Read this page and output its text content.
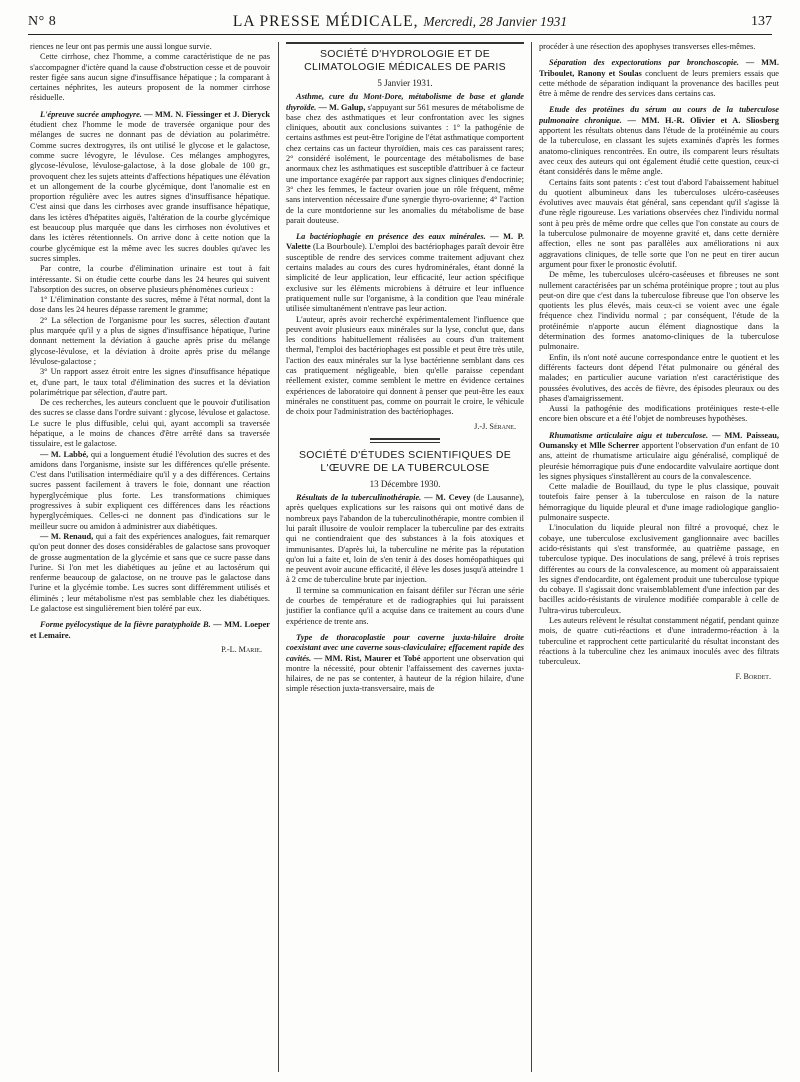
N° 8	LA PRESSE MÉDICALE, Mercredi, 28 Janvier 1931	137

riences ne leur ont pas permis une aussi longue survie.

Cette cirrhose, chez l'homme, a comme caractéristique de ne pas s'accompagner d'ictère quand la cause d'obstruction cesse et de pouvoir rester figée sans aucun signe d'insuffisance hépatique ; la comparant à certaines néphrites, les auteurs proposent de la nommer cirrhose résiduelle.

L'épreuve sucrée amphogyre. — MM. N. Fiessinger et J. Dieryck étudient chez l'homme le mode de traversée organique pour des mélanges de sucres ne donnant pas de déviation au polarimètre. Comme sucres dextrogyres, ils ont utilisé le glycose et le galactose, comme sucre lévogyre, le lévulose. Ces mélanges amphogyres, glycose-lévulose, lévulose-galactose, à la dose globale de 100 gr., provoquent chez les sujets atteints d'affections hépatiques une élévation et un allongement de la courbe glycémique, dont l'anomalie est en proportion régulière avec les autres signes d'insuffisance hépatique. C'est ainsi que dans les cirrhoses avec grande insuffisance hépatique, dans les ictères d'hépatites aiguës, l'altération de la courbe glycémique est beaucoup plus marquée que dans les cirrhoses non évolutives et dans les ictères rétentionnels. On arrive donc à cette notion que la courbe glycémique est la même avec les sucres doubles qu'avec les sucres simples.

Par contre, la courbe d'élimination urinaire est tout à fait intéressante. Si on étudie cette courbe dans les 24 heures qui suivent l'absorption des sucres, on observe plusieurs phénomènes curieux :

1° L'élimination constante des sucres, même à l'état normal, dont la dose dans les 24 heures dépasse rarement le gramme;

2° La sélection de l'organisme pour les sucres, sélection d'autant plus marquée qu'il y a plus de signes d'insuffisance hépatique, l'urine donnant nettement la déviation à gauche après prise du mélange glycose-lévulose, et la déviation à droite après prise du mélange lévulose-galactose ;

3° Un rapport assez étroit entre les signes d'insuffisance hépatique et, d'une part, le taux total d'élimination des sucres et la déviation polarimétrique par sélection, d'autre part.

De ces recherches, les auteurs concluent que le pouvoir d'utilisation des sucres se classe dans l'ordre suivant : glycose, lévulose et galactose. Le sucre le plus diffusible, celui qui, ayant accompli sa traversée hépatique, a le moins de chances d'être arrêté dans sa traversée tissulaire, est le galactose.

— M. Labbé, qui a longuement étudié l'évolution des sucres et des amidons dans l'organisme, insiste sur les différences qu'elle présente. C'est dans l'utilisation intermédiaire qu'il y a des différences. Certains sucres passent facilement à travers le foie, donnant une réaction hyperglycémique plus forte. Les transformations chimiques progressives à subir expliquent ces différences dans les réactions hyperglycémiques. Celles-ci ne donnent pas d'indications sur le meilleur sucre ou amidon à administrer aux diabétiques.

— M. Renaud, qui a fait des expériences analogues, fait remarquer qu'on peut donner des doses considérables de galactose sans provoquer de grosse augmentation de la glycémie et sans que ce sucre passe dans l'urine. Si l'on met les diabétiques au jeûne et au lactosérum qui renferme beaucoup de galactose, on ne trouve pas le galactose dans l'urine et la glycémie tombe. Les sucres sont différemment utilisés et éliminés ; leur métabolisme n'est pas semblable chez les diabétiques. Le galactose est singulièrement bien toléré par eux.

Forme pyélocystique de la fièvre paratyphoïde B. — MM. Loeper et Lemaire.

P.-L. Marie.
SOCIÉTÉ D'HYDROLOGIE ET DE CLIMATOLOGIE MÉDICALES DE PARIS
5 Janvier 1931.

Asthme, cure du Mont-Dore, métabolisme de base et glande thyroïde. — M. Galup, s'appuyant sur 561 mesures de métabolisme de base chez des asthmatiques et leur confrontation avec les signes cliniques, aboutit aux conclusions suivantes : 1° la pathogénie de certains asthmes est peut-être l'origine de l'état asthmatique comportent chez certains cas un facteur thyroïdien, mais ces cas paraissent rares; 2° considéré isolément, le pourcentage des métabolismes de base anormaux chez les asthmatiques est susceptible d'attribuer à ce facteur une importance exagérée par rapport aux signes cliniques d'endocrinie; 3° chez les femmes, le facteur ovarien joue un rôle fréquent, même sans intervention nécessaire d'une synergie thyro-ovarienne; 4° l'action de la cure montdorienne sur les anomalies du métabolisme de base parait douteuse.

La bactériophagie en présence des eaux minérales. — M. P. Valette (La Bourboule). L'emploi des bactériophages paraît devoir être susceptible de rendre des services comme traitement adjuvant chez certains malades au cours des cures hydrominérales, étant donné la simplicité de leur application, leur efficacité, leur action spécifique exclusive sur les éléments microbiens à détruire et leur influence pratiquement nulle sur l'organisme, à la condition que l'eau minérale utilisée simultanément n'entrave pas leur action.

L'auteur, après avoir recherché expérimentalement l'influence que peuvent avoir plusieurs eaux minérales sur la lyse, conclut que, dans les conditions habituellement réalisées au cours d'un traitement thermal, l'emploi des bactériophages est possible et peut être très utile, l'action des eaux minérales sur la lyse bactérienne semblant dans ces cas pratiquement négligeable, bien qu'elle paraisse cependant réellement exister, comme semblent le mettre en évidence certaines expériences de laboratoire qui donnent à penser que peut-être les eaux minérales ne constituent pas, comme on pourrait le croire, le véhicule de choix pour l'administration des bactériophages.

J.-J. Sérane.
SOCIÉTÉ D'ÉTUDES SCIENTIFIQUES DE L'ŒUVRE DE LA TUBERCULOSE
13 Décembre 1930.

Résultats de la tuberculinothérapie. — M. Cevey (de Lausanne), après quelques explications sur les raisons qui ont motivé dans de nombreux pays l'abandon de la tuberculinothérapie, montre combien il lui paraît illusoire de vouloir remplacer la tuberculine par des extraits qui ne contiendraient que des substances à la fois atoxiques et immunisantes. D'après lui, la tuberculine ne mérite pas la réputation qu'on lui a faite et, loin de s'en tenir à des doses homéopathiques qui ne peuvent avoir aucune efficacité, il élève les doses jusqu'à atteindre 1 à 2 cmc de tuberculine brute par injection.

Il termine sa communication en faisant défiler sur l'écran une série de courbes de température et de radiographies qui lui paraissent justifier la confiance qu'il a acquise dans ce traitement au cours d'une expérience de trente ans.

Type de thoracoplastie pour caverne juxta-hilaire droite coexistant avec une caverne sous-claviculaire; effacement rapide des cavités. — MM. Rist, Maurer et Tobé apportent une observation qui montre la nécessité, pour obtenir l'affaissement des cavernes juxta-hilaires, de ne pas se contenter, à hauteur de la région hilaire, d'une simple résection juxta-transversaire, mais de

procéder à une résection des apophyses transverses elles-mêmes.

Séparation des expectorations par bronchoscopie. — MM. Triboulet, Ranony et Soulas concluent de leurs premiers essais que cette méthode de séparation indiquant la provenance des bacilles peut être à même de rendre des services dans certains cas.

Etude des protéines du sérum au cours de la tuberculose pulmonaire chronique. — MM. H.-R. Olivier et A. Sliosberg apportent les résultats obtenus dans l'étude de la protéinémie au cours de la tuberculose, en classant les sujets examinés d'après les formes anatomo-cliniques rencontrées. En outre, ils comparent leurs résultats avec ceux des auteurs qui ont également étudié cette question, ceux-ci étant considérés dans le même angle.

Certains faits sont patents : c'est tout d'abord l'abaissement habituel du quotient albumineux dans les tuberculoses ulcéro-caséeuses évolutives avec mauvais état général, sans cependant qu'il s'agisse là d'une règle rigoureuse. Les variations observées chez l'individu normal sont à peu près de même ordre que celles que l'on constate au cours de la tuberculose pulmonaire de moyenne gravité et, dans cette dernière affection, elles ne sont pas parallèles aux améliorations ni aux aggravations cliniques, de telle sorte que l'on ne peut en tirer aucun argument pour fixer le pronostic évolutif.

De même, les tuberculoses ulcéro-caséeuses et fibreuses ne sont nullement caractérisées par un schéma protéinique propre ; tout au plus peut-on dire que c'est dans la tuberculose fibreuse que l'on observe les quotients les plus élevés, mais ceux-ci se voient avec une égale fréquence chez l'individu normal ; par conséquent, l'étude de la protéinémie n'apporte aucun élément diagnostique dans la détermination des formes anatomo-cliniques de la tuberculose pulmonaire.

Enfin, ils n'ont noté aucune correspondance entre le quotient et les différents facteurs dont dépend l'état pulmonaire ou général des malades; en particulier aucune variation n'est caractéristique des poussées évolutives, des accès de fièvre, des épisodes pleuraux ou des phases d'amaigrissement.

Aussi la pathogénie des modifications protéiniques reste-t-elle encore bien obscure et a été l'objet de nombreuses hypothèses.

Rhumatisme articulaire aigu et tuberculose. — MM. Paisseau, Oumansky et Mlle Scherrer apportent l'observation d'un enfant de 10 ans, atteint de rhumatisme articulaire aigu généralisé, compliqué de pleurésie hémorragique puis d'une endocardite valvulaire aortique dont les signes physiques s'installèrent au cours de la convalescence.

Cette maladie de Bouillaud, du type le plus classique, pouvait toutefois faire penser à la tuberculose en raison de la nature hémorragique du liquide pleural et d'une image radiologique ganglio-pulmonaire suspecte.

L'inoculation du liquide pleural non filtré a provoqué, chez le cobaye, une tuberculose exclusivement ganglionnaire avec bacilles acido-résistants qui s'est transformée, au quatrième passage, en tuberculose typique. Des inoculations de sang, prélevé à trois reprises différentes au cours de la convalescence, au moment où apparaissaient les signes d'endocardite, ont également produit une tuberculose typique du cobaye. Il s'agissait donc vraisemblablement d'une infection par des bacilles acido-résistants de virulence modifiée comparable à celle de l'ultra-virus tuberculeux.

Les auteurs relèvent le résultat constamment négatif, pendant quinze mois, de quatre cuti-réactions et d'une intradermo-réaction à la tuberculine et rapprochent cette particularité du résultat inconstant des réactions à la tuberculine chez les animaux inoculés avec des filtrats tuberculeux.

F. Bordet.
